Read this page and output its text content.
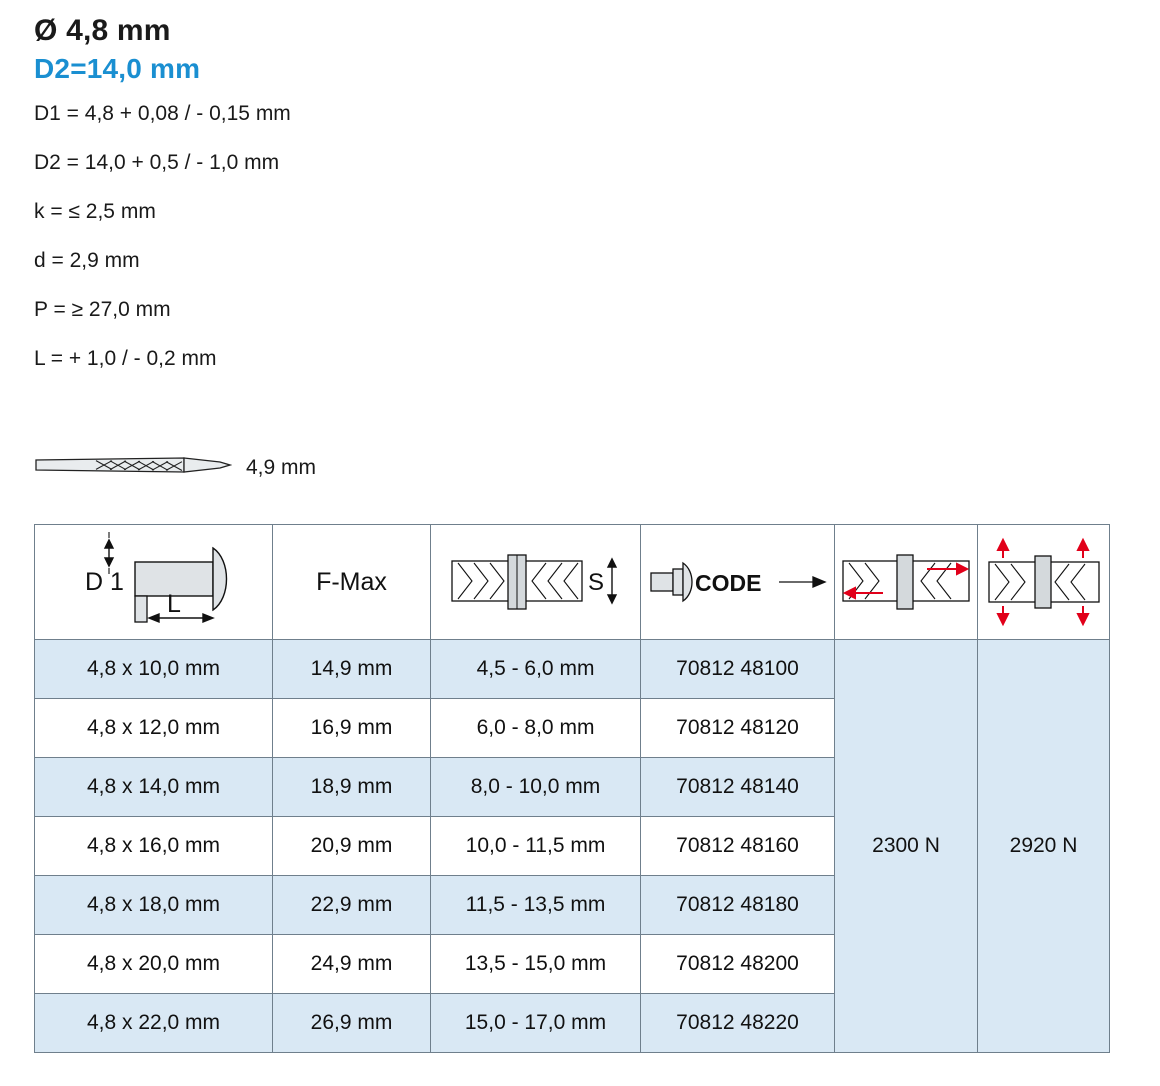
Ø 4,8 mm
D2=14,0 mm
D1 = 4,8 + 0,08 / - 0,15 mm
D2 = 14,0 + 0,5 / - 1,0 mm
k = ≤ 2,5 mm
d = 2,9 mm
P = ≥ 27,0 mm
L = + 1,0 / - 0,2 mm
4,9 mm
D 1
L	F-Max	S	CODE

4,8 x 10,0 mm	14,9 mm	4,5 - 6,0 mm	70812 48100	2300 N	2920 N
4,8 x 12,0 mm	16,9 mm	6,0 - 8,0 mm	70812 48120		
4,8 x 14,0 mm	18,9 mm	8,0 - 10,0 mm	70812 48140		
4,8 x 16,0 mm	20,9 mm	10,0 - 11,5 mm	70812 48160		
4,8 x 18,0 mm	22,9 mm	11,5 - 13,5 mm	70812 48180		
4,8 x 20,0 mm	24,9 mm	13,5 - 15,0 mm	70812 48200		
4,8 x 22,0 mm	26,9 mm	15,0 - 17,0 mm	70812 48220		
